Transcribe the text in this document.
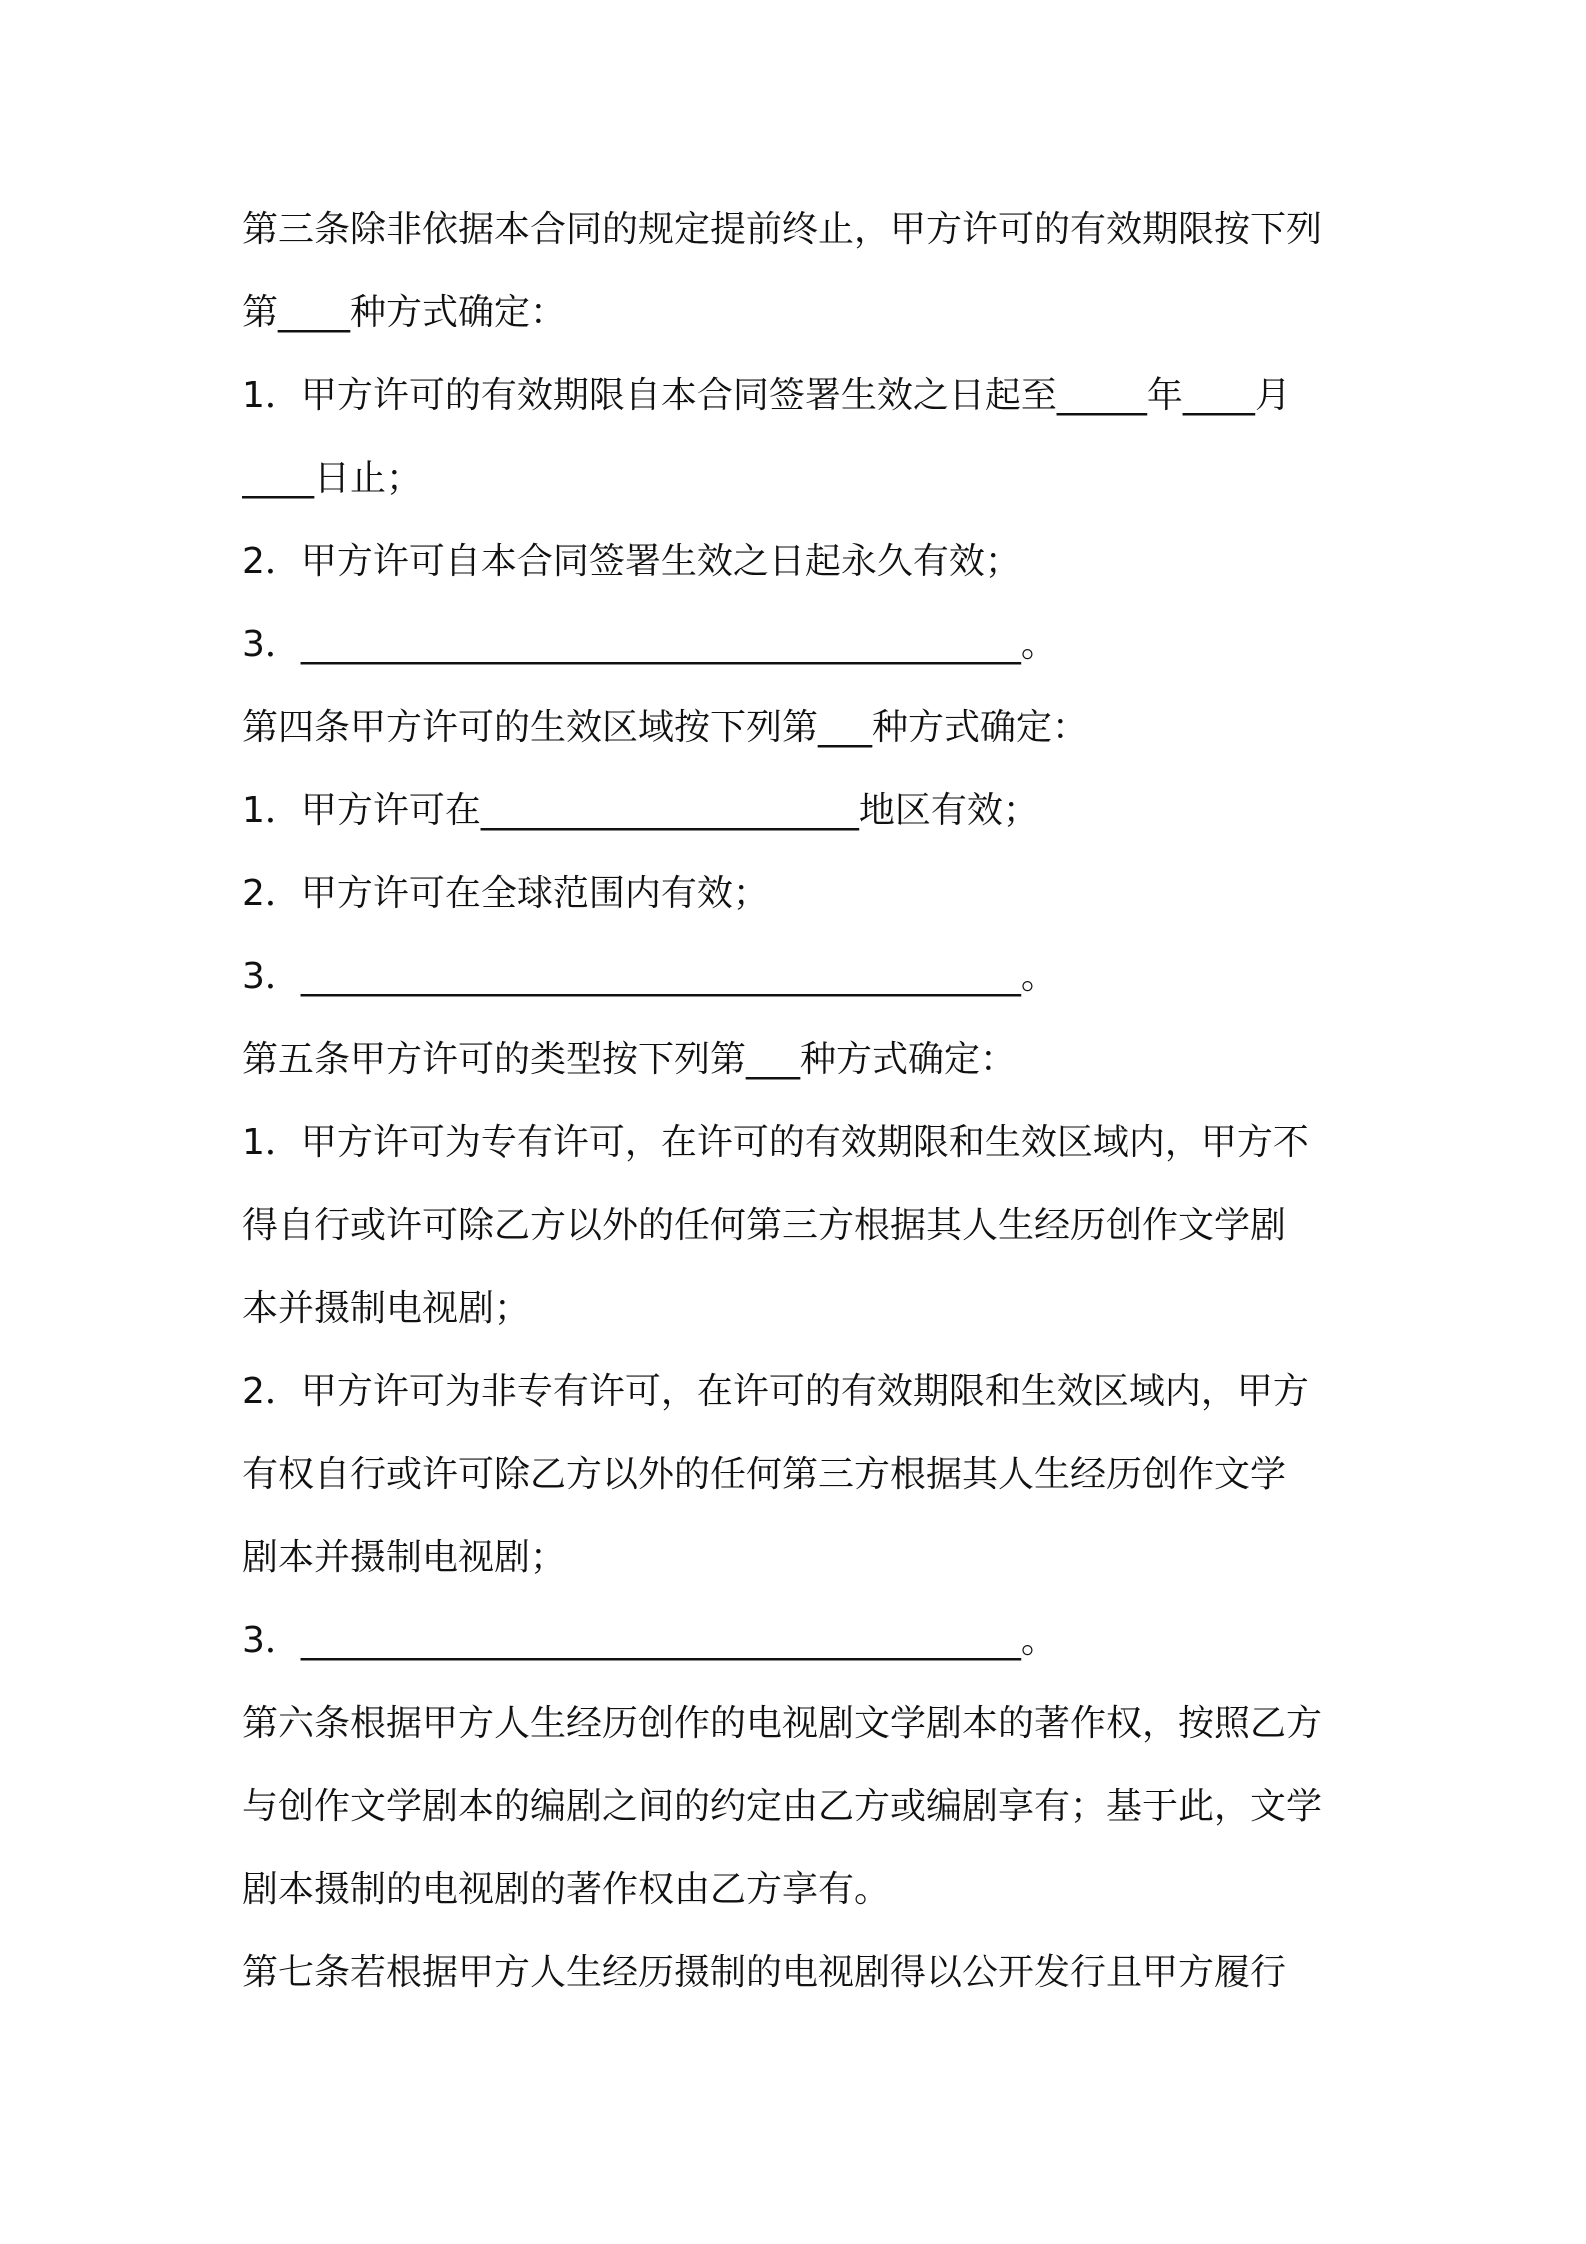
第三条除非依据本合同的规定提前终止，甲方许可的有效期限按下列
第____种方式确定：
1．甲方许可的有效期限自本合同签署生效之日起至_____年____月
____日止；
2．甲方许可自本合同签署生效之日起永久有效；
3．________________________________________。
第四条甲方许可的生效区域按下列第___种方式确定：
1．甲方许可在_____________________地区有效；
2．甲方许可在全球范围内有效；
3．________________________________________。
第五条甲方许可的类型按下列第___种方式确定：
1．甲方许可为专有许可，在许可的有效期限和生效区域内，甲方不
得自行或许可除乙方以外的任何第三方根据其人生经历创作文学剧
本并摄制电视剧；
2．甲方许可为非专有许可，在许可的有效期限和生效区域内，甲方
有权自行或许可除乙方以外的任何第三方根据其人生经历创作文学
剧本并摄制电视剧；
3．________________________________________。
第六条根据甲方人生经历创作的电视剧文学剧本的著作权，按照乙方
与创作文学剧本的编剧之间的约定由乙方或编剧享有；基于此，文学
剧本摄制的电视剧的著作权由乙方享有。
第七条若根据甲方人生经历摄制的电视剧得以公开发行且甲方履行
